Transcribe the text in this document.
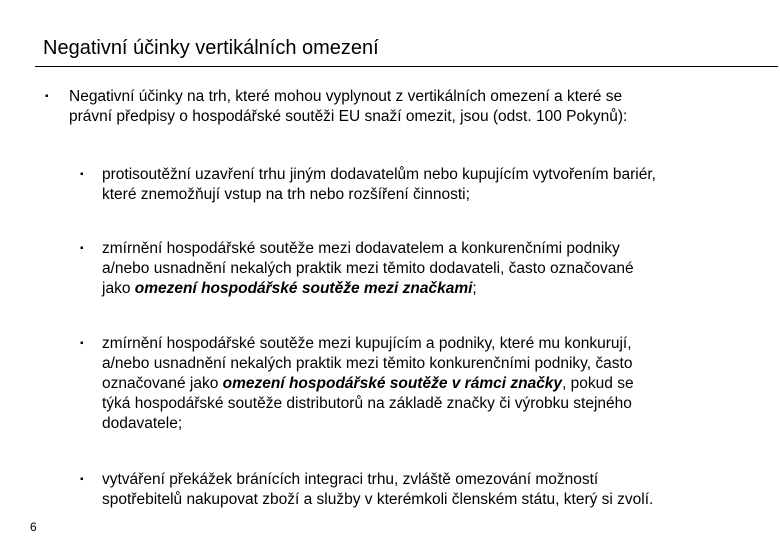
Negativní účinky vertikálních omezení
▪ Negativní účinky na trh, které mohou vyplynout z vertikálních omezení a které se
právní předpisy o hospodářské soutěži EU snaží omezit, jsou (odst. 100 Pokynů):
▪ protisoutěžní uzavření trhu jiným dodavatelům nebo kupujícím vytvořením bariér,
které znemožňují vstup na trh nebo rozšíření činnosti;
▪ zmírnění hospodářské soutěže mezi dodavatelem a konkurenčními podniky
a/nebo usnadnění nekalých praktik mezi těmito dodavateli, často označované
jako omezení hospodářské soutěže mezi značkami;
▪ zmírnění hospodářské soutěže mezi kupujícím a podniky, které mu konkurují,
a/nebo usnadnění nekalých praktik mezi těmito konkurenčními podniky, často
označované jako omezení hospodářské soutěže v rámci značky, pokud se
týká hospodářské soutěže distributorů na základě značky či výrobku stejného
dodavatele;
▪ vytváření překážek bránících integraci trhu, zvláště omezování možností
spotřebitelů nakupovat zboží a služby v kterémkoli členském státu, který si zvolí.
6
